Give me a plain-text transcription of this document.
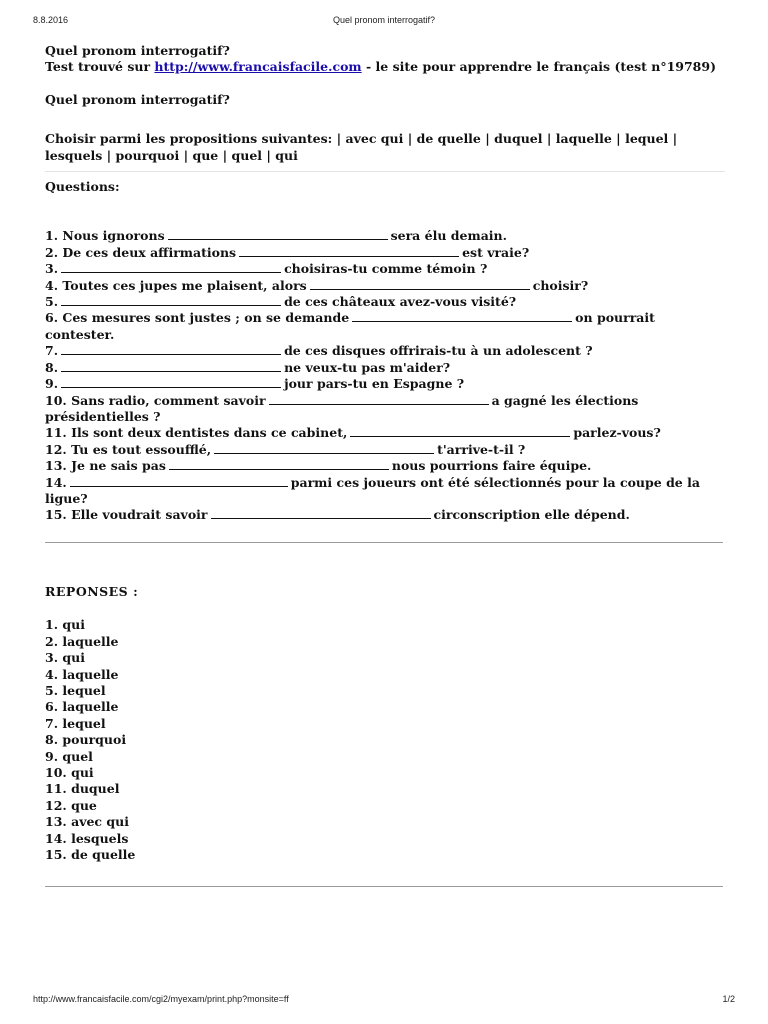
8.8.2016	Quel pronom interrogatif?

Quel pronom interrogatif?

Test trouvé sur http://www.francaisfacile.com - le site pour apprendre le français (test n°19789)

Quel pronom interrogatif?

Choisir parmi les propositions suivantes: | avec qui | de quelle | duquel | laquelle | lequel | lesquels | pourquoi | que | quel | qui

Questions:

1. Nous ignorons	sera élu demain.

2. De ces deux affirmations	est vraie?

3.	choisiras-tu comme témoin ?

4. Toutes ces jupes me plaisent, alors	choisir?

5.	de ces châteaux avez-vous visité?

6. Ces mesures sont justes ; on se demande	on pourrait contester.

7.	de ces disques offrirais-tu à un adolescent ?

8.	ne veux-tu pas m'aider?

9.	jour pars-tu en Espagne ?

10. Sans radio, comment savoir	a gagné les élections présidentielles ?

11. Ils sont deux dentistes dans ce cabinet,	parlez-vous?

12. Tu es tout essoufflé,	t'arrive-t-il ?

13. Je ne sais pas	nous pourrions faire équipe.

14.	parmi ces joueurs ont été sélectionnés pour la coupe de la ligue?

15. Elle voudrait savoir	circonscription elle dépend.

REPONSES :

1. qui

2. laquelle

3. qui

4. laquelle

5. lequel

6. laquelle

7. lequel

8. pourquoi

9. quel

10. qui

11. duquel

12. que

13. avec qui

14. lesquels

15. de quelle

http://www.francaisfacile.com/cgi2/myexam/print.php?monsite=ff	1/2
